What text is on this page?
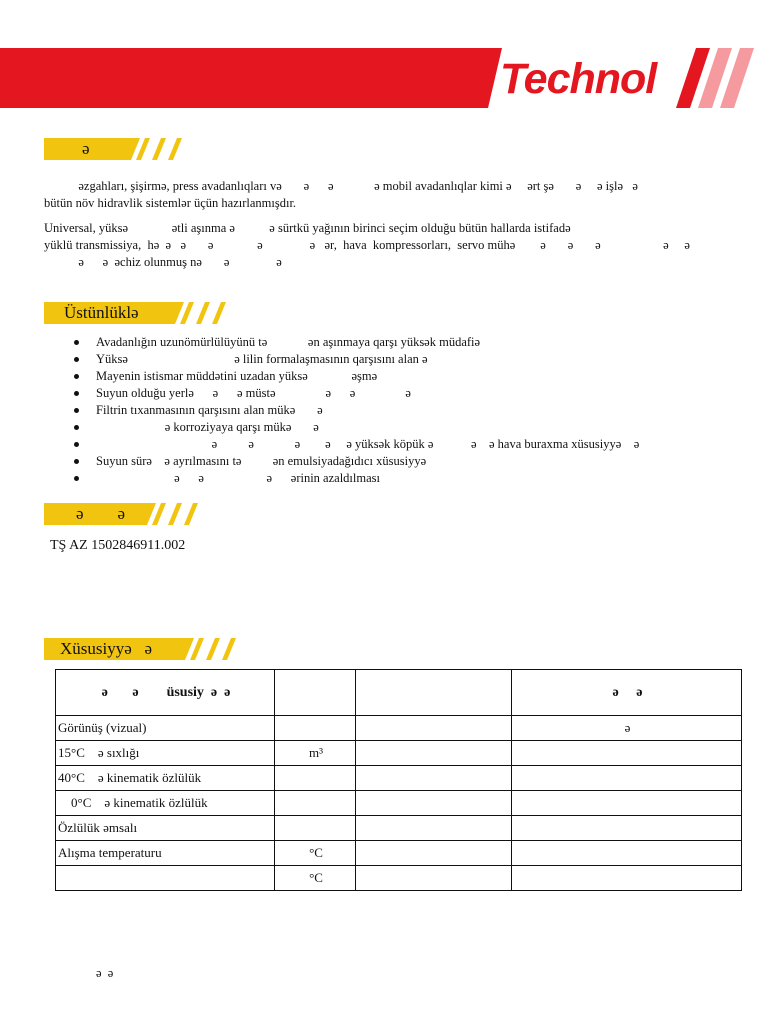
Technol
ə
əzgahları, şişirmə, press avadanlıqları və       ə      ə             ə mobil avadanlıqlar kimi ə     ərt şə       ə     ə işlə   ə
bütün növ hidravlik sistemlər üçün hazırlanmışdır.
Universal, yüksə              ətli aşınma ə           ə sürtkü yağının birinci seçim olduğu bütün hallarda istifadə
yüklü transmissiya,  hə  ə   ə       ə              ə               ə   ər,  hava  kompressorları,  servo mühə        ə       ə       ə                    ə     ə
ə      ə  əchiz olunmuş nə       ə               ə
Üstünlüklə
Avadanlığın uzunömürlülüyünü tə             ən aşınmaya qarşı yüksək müdafiə
Yüksə                                  ə lilin formalaşmasının qarşısını alan ə
Mayenin istismar müddətini uzadan yüksə              əşmə
Suyun olduğu yerlə      ə      ə müstə                ə      ə                ə
Filtrin tıxanmasının qarşısını alan mükə       ə
ə korroziyaya qarşı mükə       ə
ə          ə             ə        ə     ə yüksək köpük ə            ə    ə hava buraxma xüsusiyyə    ə
Suyun sürə    ə ayrılmasını tə          ən emulsiyadağıdıcı xüsusiyyə
ə      ə                    ə      ərinin azaldılması
ə        ə
TŞ AZ 1502846911.002
Xüsusiyyə   ə
ə       ə        üsusiy  ə  ə			ə     ə
Görünüş (vizual)			ə
15°C    ə sıxlığı	m³		
40°C    ə kinematik özlülük			
0°C    ə kinematik özlülük			
Özlülük əmsalı			
Alışma temperaturu	°C		
	°C		
ə  ə
